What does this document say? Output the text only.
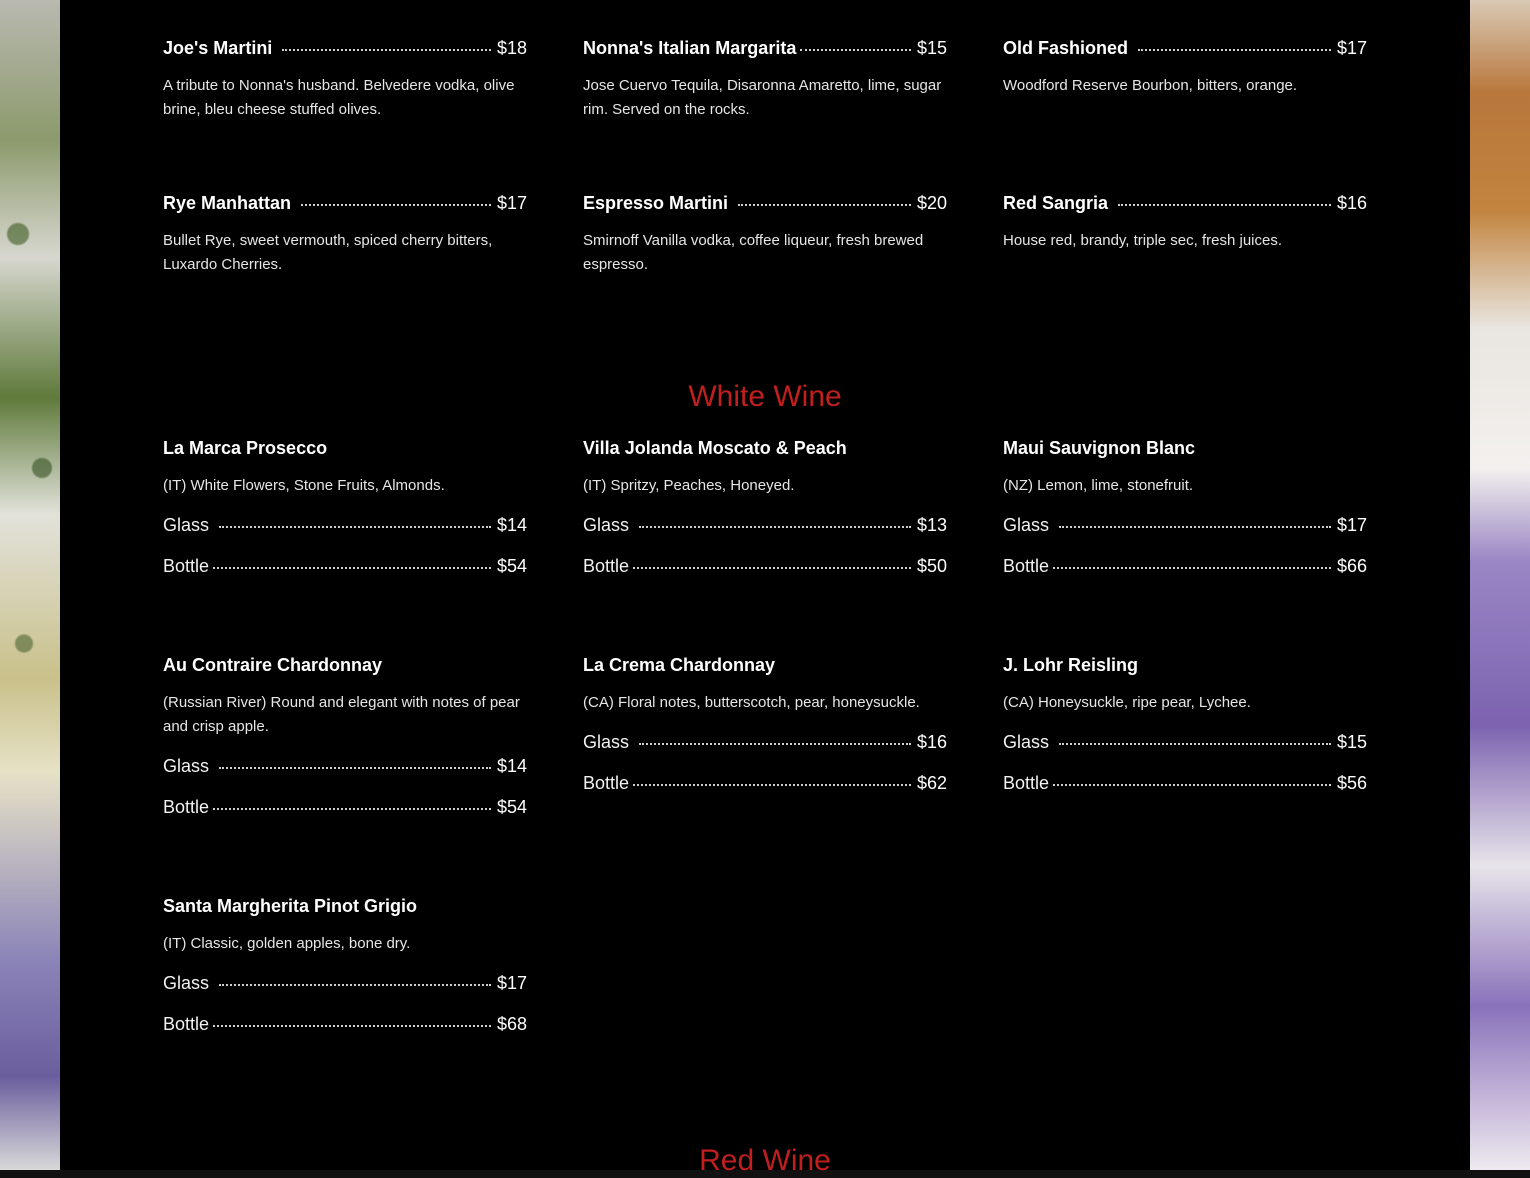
Joe's Martini	$18
A tribute to Nonna's husband. Belvedere vodka, olive brine, bleu cheese stuffed olives.
Nonna's Italian Margarita	$15
Jose Cuervo Tequila, Disaronna Amaretto, lime, sugar rim. Served on the rocks.
Old Fashioned	$17
Woodford Reserve Bourbon, bitters, orange.
Rye Manhattan	$17
Bullet Rye, sweet vermouth, spiced cherry bitters, Luxardo Cherries.
Espresso Martini	$20
Smirnoff Vanilla vodka, coffee liqueur, fresh brewed espresso.
Red Sangria	$16
House red, brandy, triple sec, fresh juices.
White Wine
La Marca Prosecco
(IT) White Flowers, Stone Fruits, Almonds.
Glass	$14
Bottle	$54
Villa Jolanda Moscato & Peach
(IT) Spritzy, Peaches, Honeyed.
Glass	$13
Bottle	$50
Maui Sauvignon Blanc
(NZ) Lemon, lime, stonefruit.
Glass	$17
Bottle	$66
Au Contraire Chardonnay
(Russian River) Round and elegant with notes of pear and crisp apple.
Glass	$14
Bottle	$54
La Crema Chardonnay
(CA) Floral notes, butterscotch, pear, honeysuckle.
Glass	$16
Bottle	$62
J. Lohr Reisling
(CA) Honeysuckle, ripe pear, Lychee.
Glass	$15
Bottle	$56
Santa Margherita Pinot Grigio
(IT) Classic, golden apples, bone dry.
Glass	$17
Bottle	$68
Red Wine
